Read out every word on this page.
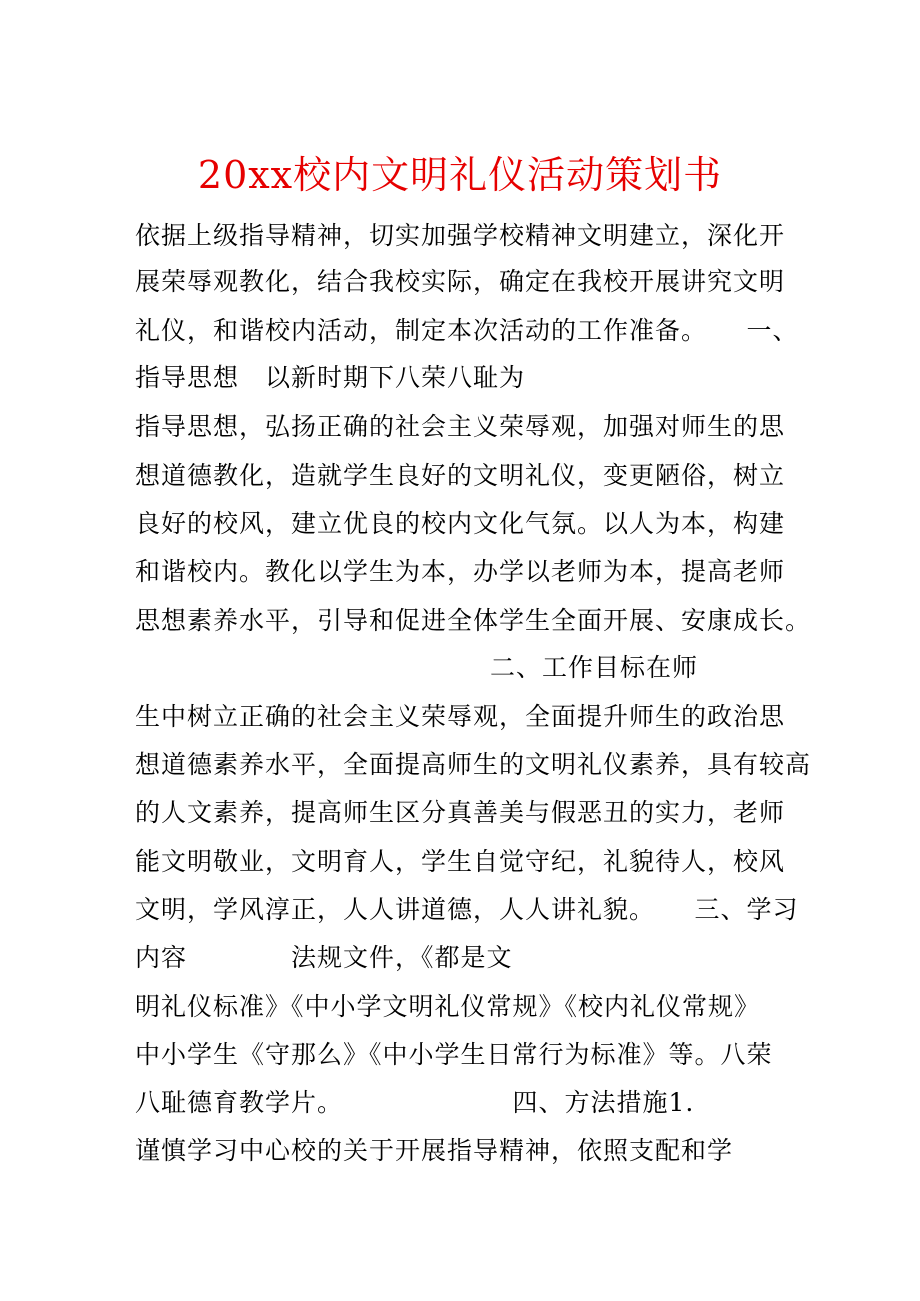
20xx校内文明礼仪活动策划书
依据上级指导精神，切实加强学校精神文明建立，深化开
展荣辱观教化，结合我校实际，确定在我校开展讲究文明
礼仪，和谐校内活动，制定本次活动的工作准备。　　一、
指导思想　以新时期下八荣八耻为
指导思想，弘扬正确的社会主义荣辱观，加强对师生的思
想道德教化，造就学生良好的文明礼仪，变更陋俗，树立
良好的校风，建立优良的校内文化气氛。以人为本，构建
和谐校内。教化以学生为本，办学以老师为本，提高老师
思想素养水平，引导和促进全体学生全面开展、安康成长。
二、工作目标在师
生中树立正确的社会主义荣辱观，全面提升师生的政治思
想道德素养水平，全面提高师生的文明礼仪素养，具有较高
的人文素养，提高师生区分真善美与假恶丑的实力，老师
能文明敬业，文明育人，学生自觉守纪，礼貌待人，校风
文明，学风淳正，人人讲道德，人人讲礼貌。　　三、学习
内容　　　　法规文件，《都是文
明礼仪标准》《中小学文明礼仪常规》《校内礼仪常规》
中小学生《守那么》《中小学生日常行为标准》等。八荣
八耻德育教学片。　　　　　　　四、方法措施1.
谨慎学习中心校的关于开展指导精神，依照支配和学
